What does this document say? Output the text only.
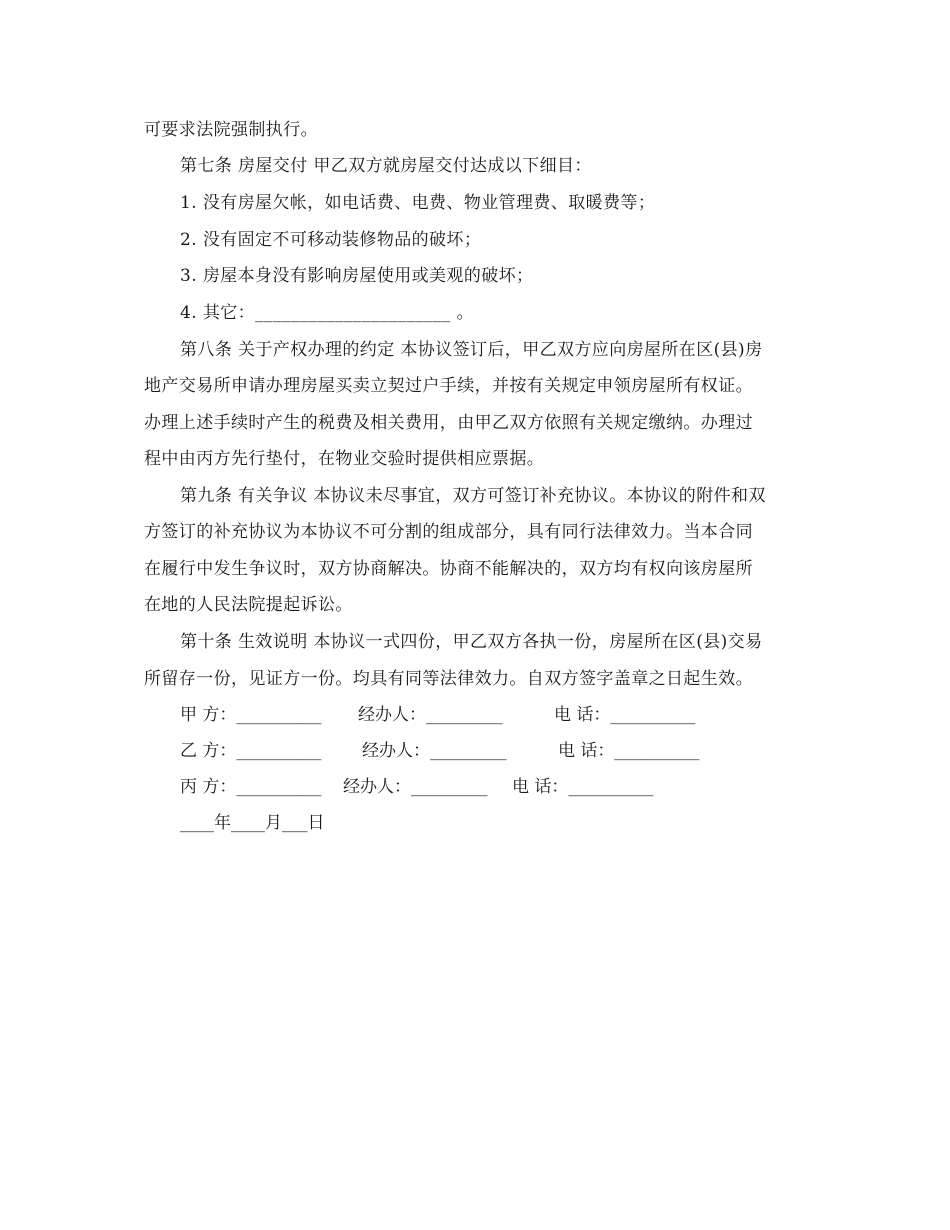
可要求法院强制执行。
第七条 房屋交付 甲乙双方就房屋交付达成以下细目：
1. 没有房屋欠帐，如电话费、电费、物业管理费、取暖费等；
2. 没有固定不可移动装修物品的破坏；
3. 房屋本身没有影响房屋使用或美观的破坏；
4. 其它：______________________ 。
第八条 关于产权办理的约定 本协议签订后，甲乙双方应向房屋所在区(县)房
地产交易所申请办理房屋买卖立契过户手续，并按有关规定申领房屋所有权证。
办理上述手续时产生的税费及相关费用，由甲乙双方依照有关规定缴纳。办理过
程中由丙方先行垫付，在物业交验时提供相应票据。
第九条 有关争议 本协议未尽事宜，双方可签订补充协议。本协议的附件和双
方签订的补充协议为本协议不可分割的组成部分，具有同行法律效力。当本合同
在履行中发生争议时，双方协商解决。协商不能解决的，双方均有权向该房屋所
在地的人民法院提起诉讼。
第十条 生效说明 本协议一式四份，甲乙双方各执一份，房屋所在区(县)交易
所留存一份，见证方一份。均具有同等法律效力。自双方签字盖章之日起生效。
甲 方：__________ 经办人：_________	电 话：__________
乙 方：__________ 经办人：_________	电 话：__________
丙 方：__________ 经办人：_________ 电 话：__________
____年____月___日
